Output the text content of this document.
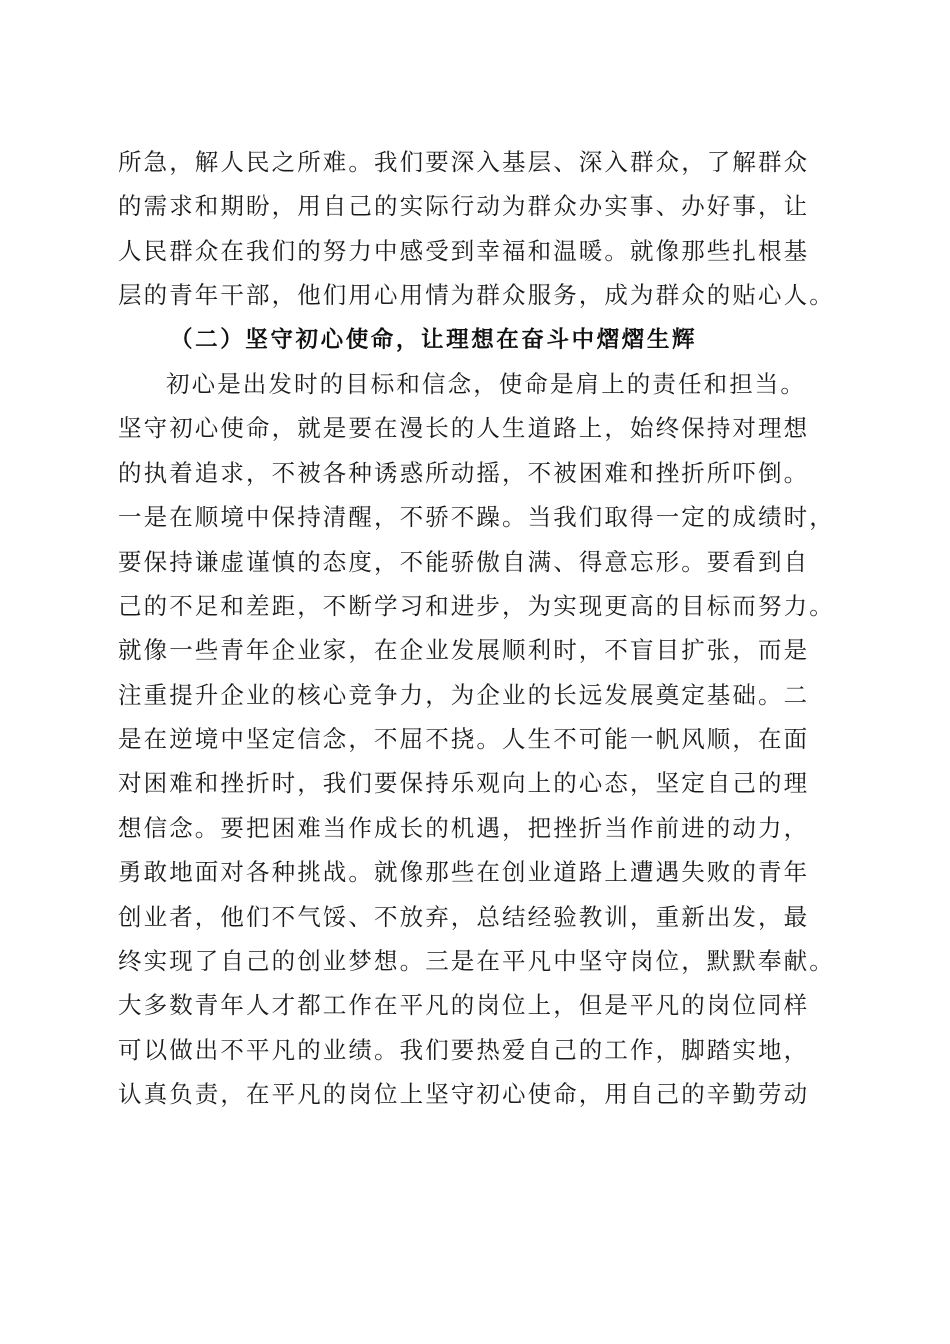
所急，解人民之所难。我们要深入基层、深入群众，了解群众
的需求和期盼，用自己的实际行动为群众办实事、办好事，让
人民群众在我们的努力中感受到幸福和温暖。就像那些扎根基
层的青年干部，他们用心用情为群众服务，成为群众的贴心人。
（二）坚守初心使命，让理想在奋斗中熠熠生辉
初心是出发时的目标和信念，使命是肩上的责任和担当。
坚守初心使命，就是要在漫长的人生道路上，始终保持对理想
的执着追求，不被各种诱惑所动摇，不被困难和挫折所吓倒。
一是在顺境中保持清醒，不骄不躁。当我们取得一定的成绩时，
要保持谦虚谨慎的态度，不能骄傲自满、得意忘形。要看到自
己的不足和差距，不断学习和进步，为实现更高的目标而努力。
就像一些青年企业家，在企业发展顺利时，不盲目扩张，而是
注重提升企业的核心竞争力，为企业的长远发展奠定基础。二
是在逆境中坚定信念，不屈不挠。人生不可能一帆风顺，在面
对困难和挫折时，我们要保持乐观向上的心态，坚定自己的理
想信念。要把困难当作成长的机遇，把挫折当作前进的动力，
勇敢地面对各种挑战。就像那些在创业道路上遭遇失败的青年
创业者，他们不气馁、不放弃，总结经验教训，重新出发，最
终实现了自己的创业梦想。三是在平凡中坚守岗位，默默奉献。
大多数青年人才都工作在平凡的岗位上，但是平凡的岗位同样
可以做出不平凡的业绩。我们要热爱自己的工作，脚踏实地，
认真负责，在平凡的岗位上坚守初心使命，用自己的辛勤劳动
